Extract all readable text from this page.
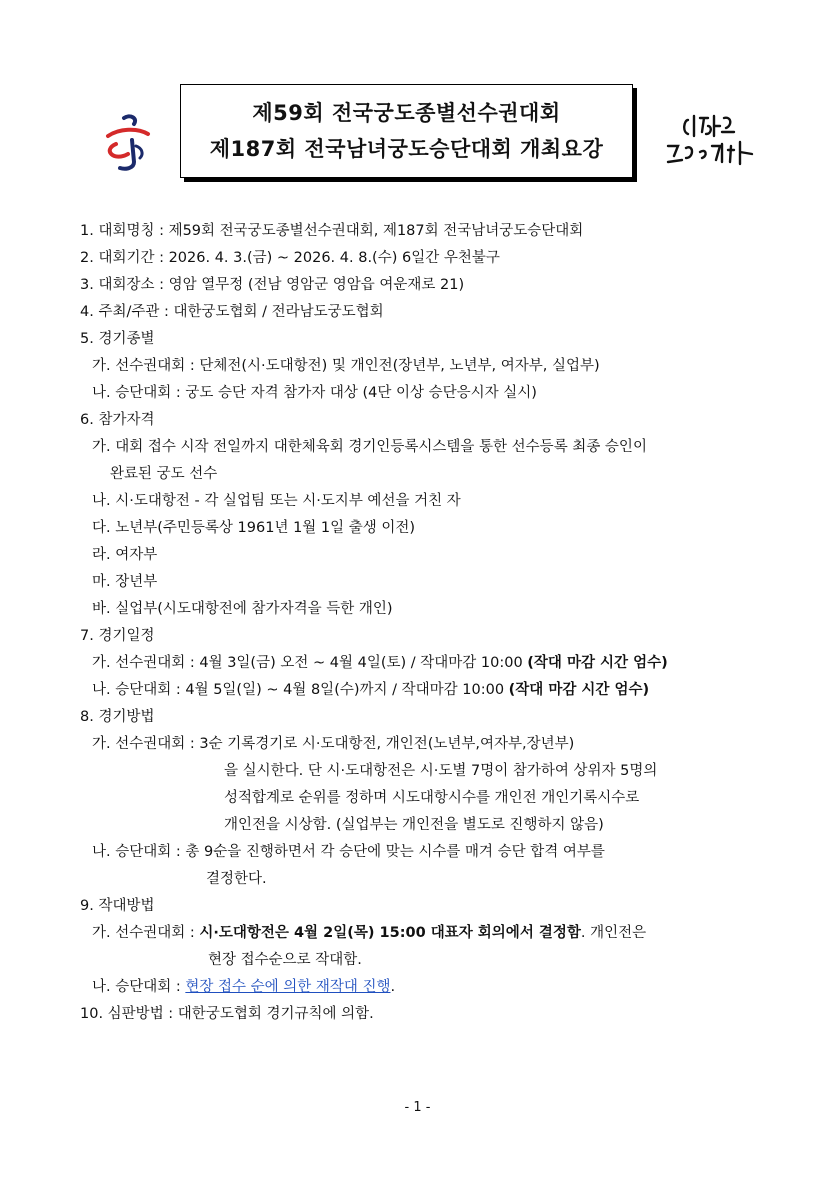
제59회 전국궁도종별선수권대회
제187회 전국남녀궁도승단대회 개최요강
1. 대회명칭 : 제59회 전국궁도종별선수권대회, 제187회 전국남녀궁도승단대회
2. 대회기간 : 2026. 4. 3.(금) ~ 2026. 4. 8.(수) 6일간 우천불구
3. 대회장소 : 영암 열무정 (전남 영암군 영암읍 여운재로 21)
4. 주최/주관 : 대한궁도협회 / 전라남도궁도협회
5. 경기종별
가. 선수권대회 : 단체전(시·도대항전) 및 개인전(장년부, 노년부, 여자부, 실업부)
나. 승단대회 : 궁도 승단 자격 참가자 대상 (4단 이상 승단응시자 실시)
6. 참가자격
가. 대회 접수 시작 전일까지 대한체육회 경기인등록시스템을 통한 선수등록 최종 승인이
완료된 궁도 선수
나. 시·도대항전 - 각 실업팀 또는 시·도지부 예선을 거친 자
다. 노년부(주민등록상 1961년 1월 1일 출생 이전)
라. 여자부
마. 장년부
바. 실업부(시도대항전에 참가자격을 득한 개인)
7. 경기일정
가. 선수권대회 : 4월 3일(금) 오전 ~ 4월 4일(토) / 작대마감 10:00 (작대 마감 시간 엄수)
나. 승단대회 : 4월 5일(일) ~ 4월 8일(수)까지 / 작대마감 10:00 (작대 마감 시간 엄수)
8. 경기방법
가. 선수권대회 : 3순 기록경기로 시·도대항전, 개인전(노년부,여자부,장년부)
을 실시한다. 단 시·도대항전은 시·도별 7명이 참가하여 상위자 5명의
성적합계로 순위를 정하며 시도대항시수를 개인전 개인기록시수로
개인전을 시상함. (실업부는 개인전을 별도로 진행하지 않음)
나. 승단대회 : 총 9순을 진행하면서 각 승단에 맞는 시수를 매겨 승단 합격 여부를
결정한다.
9. 작대방법
가. 선수권대회 : 시·도대항전은 4월 2일(목) 15:00 대표자 회의에서 결정함. 개인전은
현장 접수순으로 작대함.
나. 승단대회 : 현장 접수 순에 의한 재작대 진행.
10. 심판방법 : 대한궁도협회 경기규칙에 의함.
- 1 -
